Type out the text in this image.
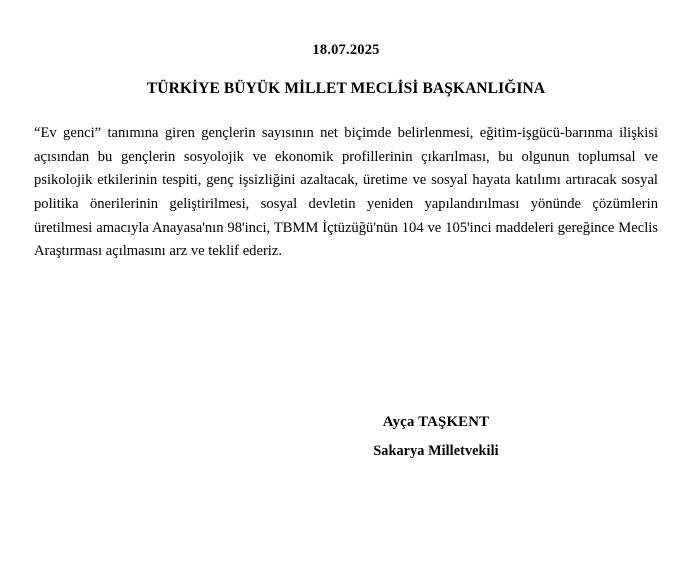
18.07.2025
TÜRKİYE BÜYÜK MİLLET MECLİSİ BAŞKANLIĞINA
“Ev genci” tanımına giren gençlerin sayısının net biçimde belirlenmesi, eğitim-işgücü-barınma ilişkisi açısından bu gençlerin sosyolojik ve ekonomik profillerinin çıkarılması, bu olgunun toplumsal ve psikolojik etkilerinin tespiti, genç işsizliğini azaltacak, üretime ve sosyal hayata katılımı artıracak sosyal politika önerilerinin geliştirilmesi, sosyal devletin yeniden yapılandırılması yönünde çözümlerin üretilmesi amacıyla Anayasa'nın 98'inci, TBMM İçtüzüğü'nün 104 ve 105'inci maddeleri gereğince Meclis Araştırması açılmasını arz ve teklif ederiz.
Ayça TAŞKENT
Sakarya Milletvekili
